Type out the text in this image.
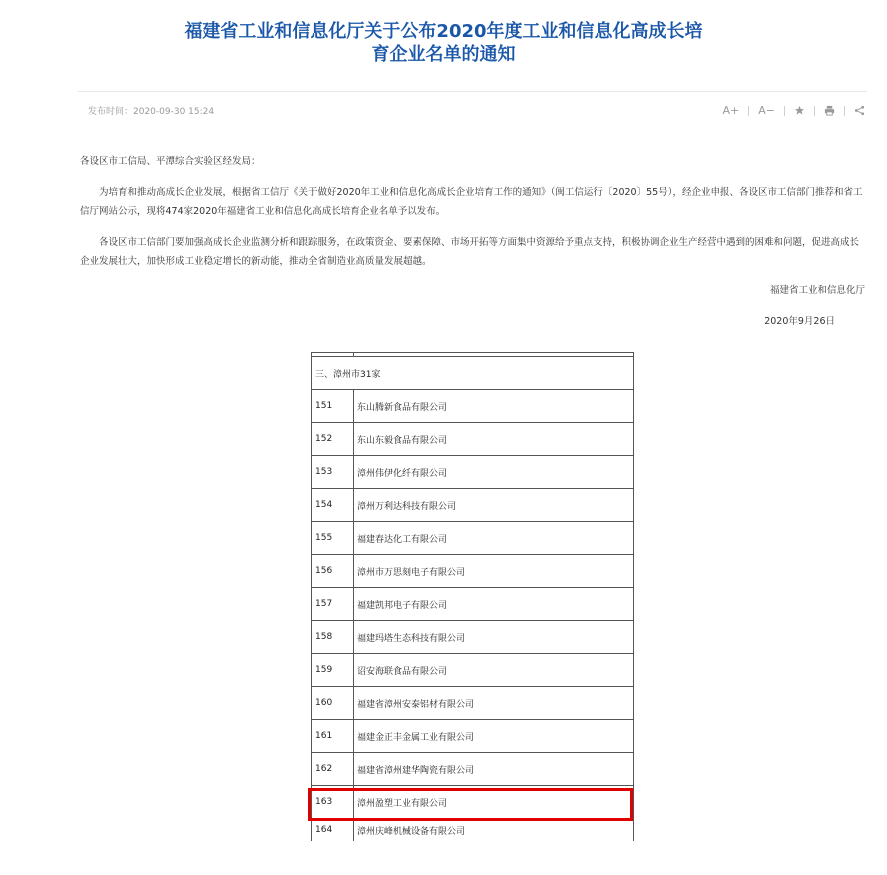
福建省工业和信息化厅关于公布2020年度工业和信息化高成长培
育企业名单的通知
发布时间：2020-09-30 15:24	A+	A−
各设区市工信局、平潭综合实验区经发局：
为培育和推动高成长企业发展，根据省工信厅《关于做好2020年工业和信息化高成长企业培育工作的通知》（闽工信运行〔2020〕55号），经企业申报、各设区市工信部门推荐和省工信厅网站公示，现将474家2020年福建省工业和信息化高成长培育企业名单予以发布。
各设区市工信部门要加强高成长企业监测分析和跟踪服务，在政策资金、要素保障、市场开拓等方面集中资源给予重点支持，积极协调企业生产经营中遇到的困难和问题，促进高成长企业发展壮大，加快形成工业稳定增长的新动能，推动全省制造业高质量发展超越。
福建省工业和信息化厅
2020年9月26日

三、漳州市31家	
151	东山腾新食品有限公司
152	东山东毅食品有限公司
153	漳州伟伊化纤有限公司
154	漳州万利达科技有限公司
155	福建春达化工有限公司
156	漳州市万思刻电子有限公司
157	福建凯邦电子有限公司
158	福建玛塔生态科技有限公司
159	诏安海联食品有限公司
160	福建省漳州安泰铝材有限公司
161	福建金正丰金属工业有限公司
162	福建省漳州建华陶瓷有限公司
163	漳州盈塑工业有限公司
164	漳州庆峰机械设备有限公司
